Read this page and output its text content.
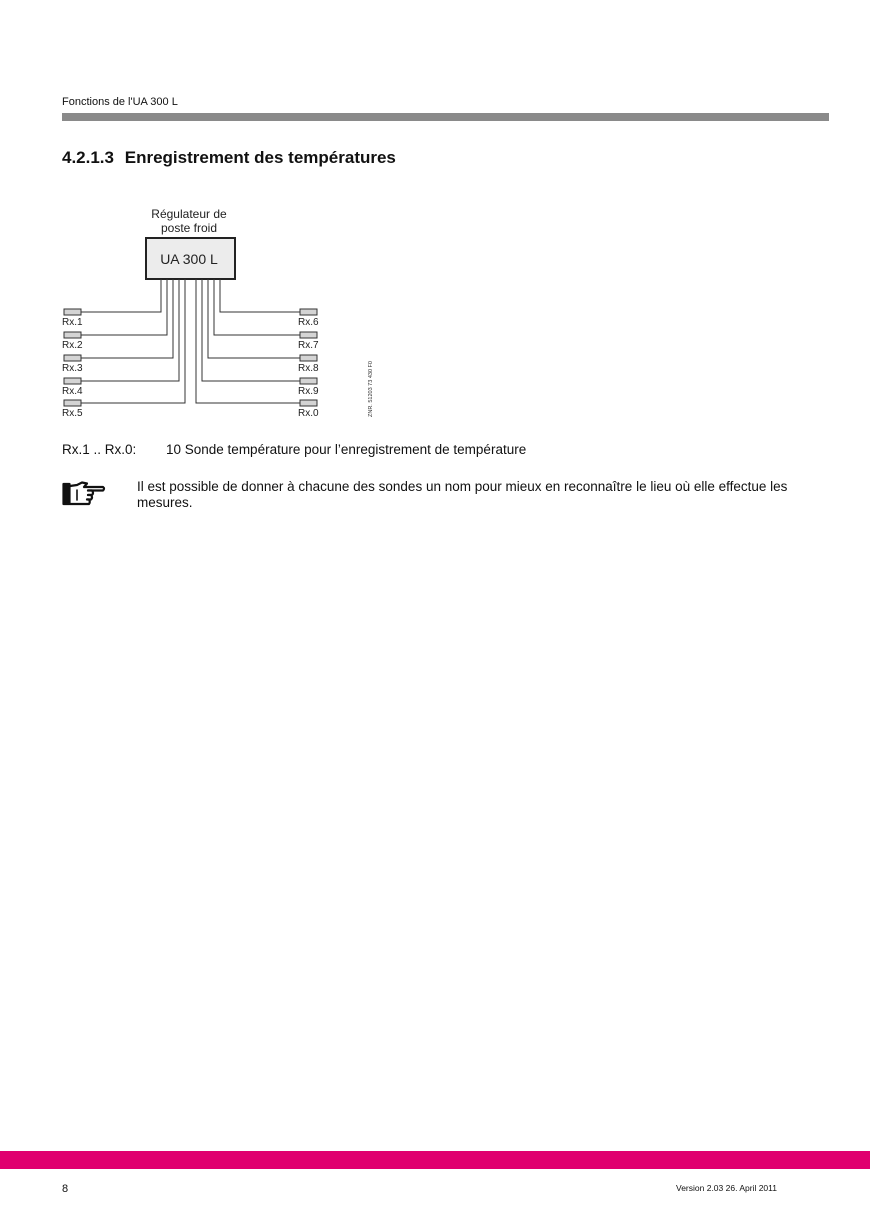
Fonctions de l'UA 300 L
4.2.1.3 Enregistrement des températures
Régulateur de
poste froid
UA 300 L
Rx.1
Rx.2
Rx.3
Rx.4
Rx.5
Rx.6
Rx.7
Rx.8
Rx.9
Rx.0	ZNR. 51203 73 430 F0
Rx.1 .. Rx.0: 10 Sonde température pour l’enregistrement de température
Il est possible de donner à chacune des sondes un nom pour mieux en reconnaître le lieu où elle effectue les mesures.
8	Version 2.03 26. April 2011
